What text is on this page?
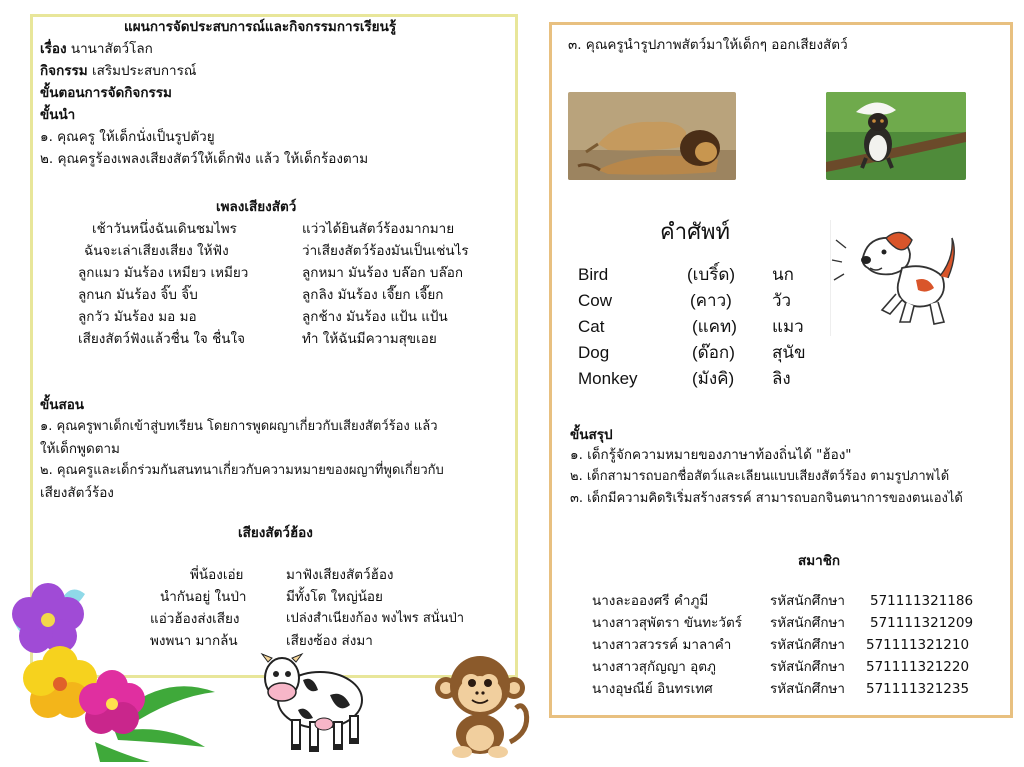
แผนการจัดประสบการณ์และกิจกรรมการเรียนรู้
เรื่อง นานาสัตว์โลก
กิจกรรม เสริมประสบการณ์
ขั้นตอนการจัดกิจกรรม
ขั้นนำ
๑. คุณครู ให้เด็กนั่งเป็นรูปตัวยู
๒. คุณครูร้องเพลงเสียงสัตว์ให้เด็กฟัง แล้ว ให้เด็กร้องตาม
เพลงเสียงสัตว์
เช้าวันหนึ่งฉันเดินชมไพร
ฉันจะเล่าเสียงเสียง ให้ฟัง
ลูกแมว มันร้อง เหมียว เหมียว
ลูกนก มันร้อง จิ๊บ จิ๊บ
ลูกวัว มันร้อง มอ มอ
เสียงสัตว์ฟังแล้วชื่น ใจ ชื่นใจ
แว่วได้ยินสัตว์ร้องมากมาย
ว่าเสียงสัตว์ร้องมันเป็นเช่นไร
ลูกหมา มันร้อง บล๊อก บล๊อก
ลูกลิง มันร้อง เจี๊ยก เจี๊ยก
ลูกช้าง มันร้อง แป้น แป้น
ทำ ให้ฉันมีความสุขเอย
ขั้นสอน
๑. คุณครูพาเด็กเข้าสู่บทเรียน โดยการพูดผญาเกี่ยวกับเสียงสัตว์ร้อง แล้ว
ให้เด็กพูดตาม
๒. คุณครูและเด็กร่วมกันสนทนาเกี่ยวกับความหมายของผญาที่พูดเกี่ยวกับ
เสียงสัตว์ร้อง
เสียงสัตว์ฮ้อง
พี่น้องเอ่ย
นำกันอยู่ ในป่า
แอ่วฮ้องส่งเสียง
พงพนา มากล้น
มาฟังเสียงสัตว์ฮ้อง
มีทั้งโต ใหญ่น้อย
เปล่งสำเนียงก้อง พงไพร สนั่นป่า
เสียงซ้อง ส่งมา
๓. คุณครูนำรูปภาพสัตว์มาให้เด็กๆ ออกเสียงสัตว์
คำศัพท์
Bird	(เบริ์ด) นก
Cow	(คาว) วัว
Cat	(แคท) แมว
Dog	(ด๊อก) สุนัข
Monkey	(มังคิ) ลิง
ขั้นสรุป
๑. เด็กรู้จักความหมายของภาษาท้องถิ่นได้ "ฮ้อง"
๒. เด็กสามารถบอกชื่อสัตว์และเลียนแบบเสียงสัตว์ร้อง ตามรูปภาพได้
๓. เด็กมีความคิดริเริ่มสร้างสรรค์ สามารถบอกจินตนาการของตนเองได้
สมาชิก
นางละอองศรี คำภูมี	รหัสนักศึกษา 571111321186
นางสาวสุพัตรา ขันทะวัตร์ รหัสนักศึกษา 571111321209
นางสาวสวรรค์ มาลาคำ	รหัสนักศึกษา 571111321210
นางสาวสุกัญญา อุตภู	รหัสนักศึกษา 571111321220
นางอุษณีย์ อินทรเทศ	รหัสนักศึกษา 571111321235
